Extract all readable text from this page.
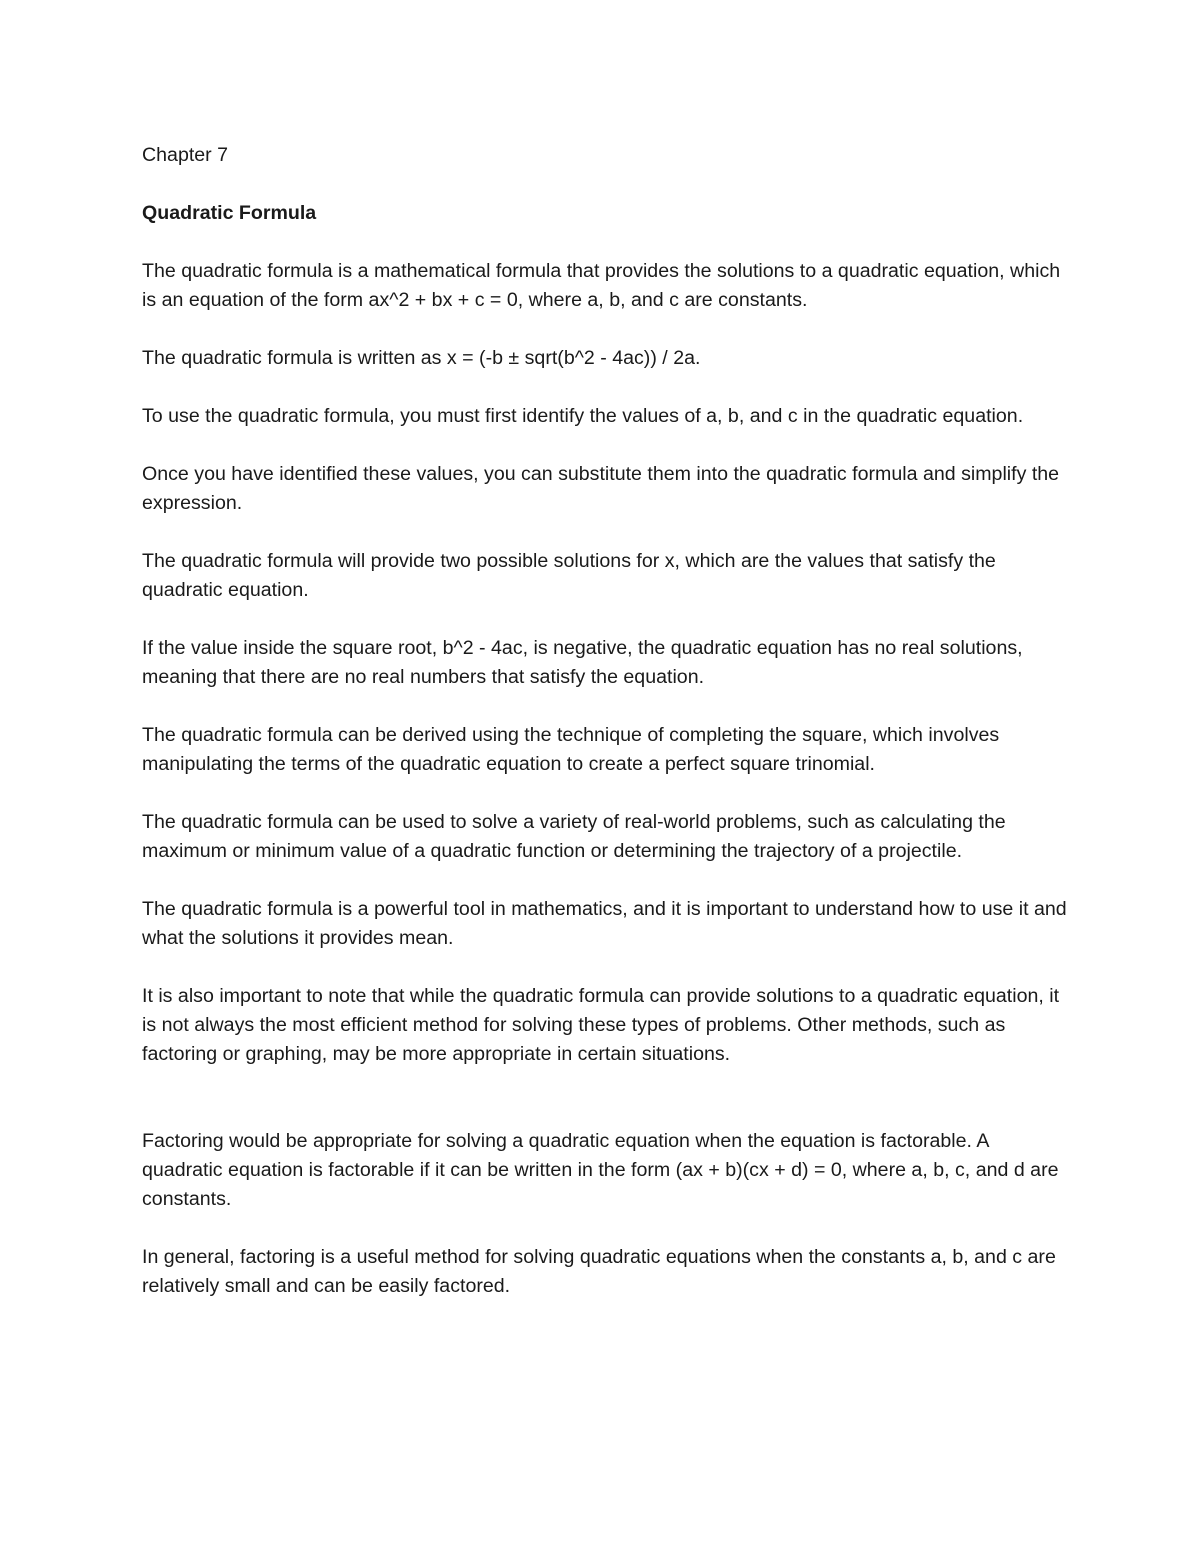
Chapter 7

Quadratic Formula

The quadratic formula is a mathematical formula that provides the solutions to a quadratic equation, which is an equation of the form ax^2 + bx + c = 0, where a, b, and c are constants.

The quadratic formula is written as x = (-b ± sqrt(b^2 - 4ac)) / 2a.

To use the quadratic formula, you must first identify the values of a, b, and c in the quadratic equation.

Once you have identified these values, you can substitute them into the quadratic formula and simplify the expression.

The quadratic formula will provide two possible solutions for x, which are the values that satisfy the quadratic equation.

If the value inside the square root, b^2 - 4ac, is negative, the quadratic equation has no real solutions, meaning that there are no real numbers that satisfy the equation.

The quadratic formula can be derived using the technique of completing the square, which involves manipulating the terms of the quadratic equation to create a perfect square trinomial.

The quadratic formula can be used to solve a variety of real-world problems, such as calculating the maximum or minimum value of a quadratic function or determining the trajectory of a projectile.

The quadratic formula is a powerful tool in mathematics, and it is important to understand how to use it and what the solutions it provides mean.

It is also important to note that while the quadratic formula can provide solutions to a quadratic equation, it is not always the most efficient method for solving these types of problems. Other methods, such as factoring or graphing, may be more appropriate in certain situations.

Factoring would be appropriate for solving a quadratic equation when the equation is factorable. A quadratic equation is factorable if it can be written in the form (ax + b)(cx + d) = 0, where a, b, c, and d are constants.

In general, factoring is a useful method for solving quadratic equations when the constants a, b, and c are relatively small and can be easily factored.
